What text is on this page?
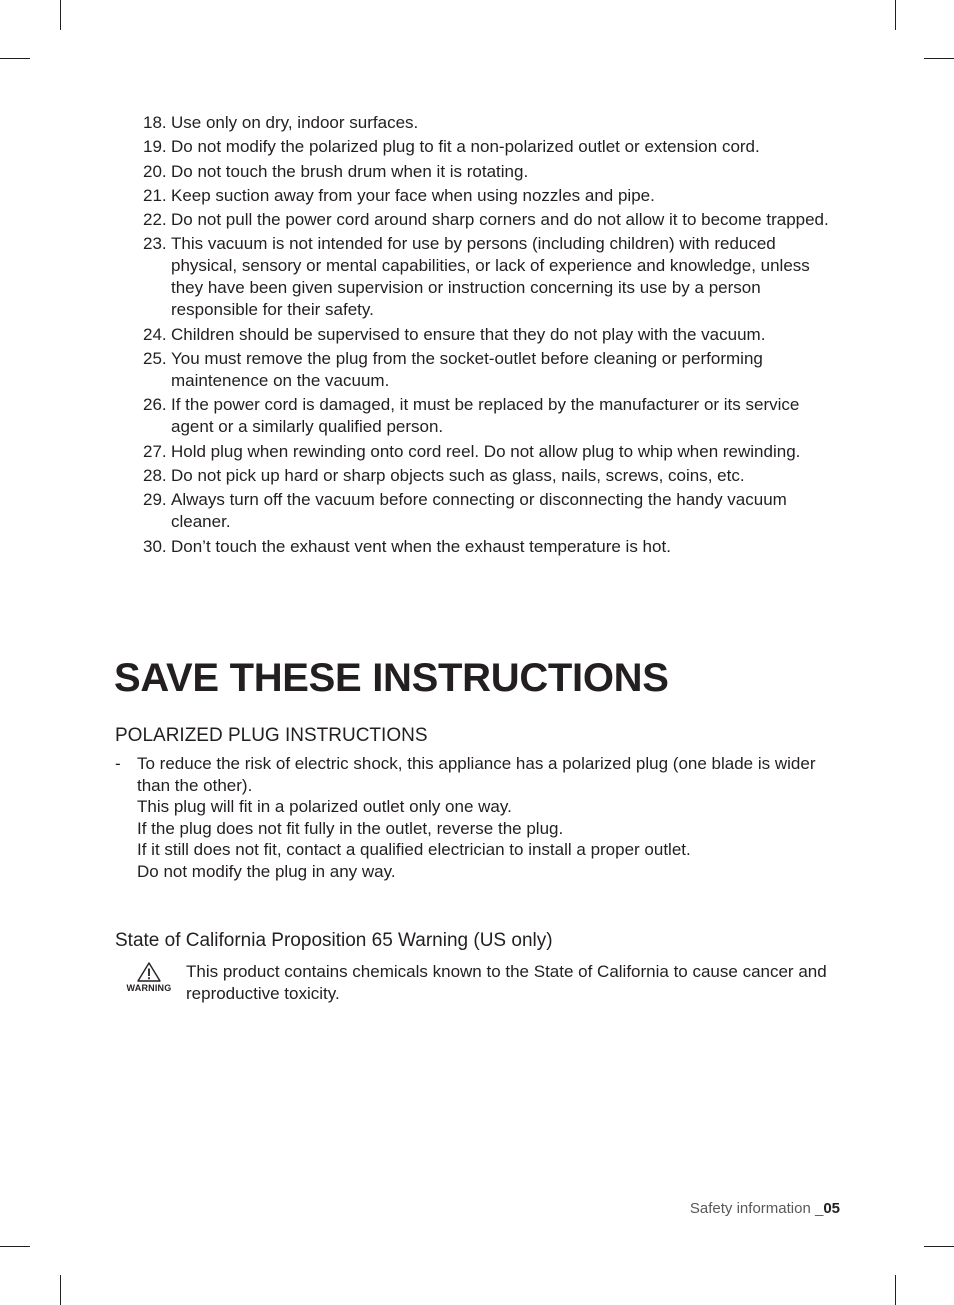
18. Use only on dry, indoor surfaces.
19. Do not modify the polarized plug to fit a non-polarized outlet or extension cord.
20. Do not touch the brush drum when it is rotating.
21. Keep suction away from your face when using nozzles and pipe.
22. Do not pull the power cord around sharp corners and do not allow it to become trapped.
23. This vacuum is not intended for use by persons (including children) with reduced physical, sensory or mental capabilities, or lack of experience and knowledge, unless they have been given supervision or instruction concerning its use by a person responsible for their safety.
24. Children should be supervised to ensure that they do not play with the vacuum.
25. You must remove the plug from the socket-outlet before cleaning or performing maintenence on the vacuum.
26. If the power cord is damaged, it must be replaced by the manufacturer or its service agent or a similarly qualified person.
27. Hold plug when rewinding onto cord reel. Do not allow plug to whip when rewinding.
28. Do not pick up hard or sharp objects such as glass, nails, screws, coins, etc.
29. Always turn off the vacuum before connecting or disconnecting the handy vacuum cleaner.
30. Don’t touch the exhaust vent when the exhaust temperature is hot.
SAVE THESE INSTRUCTIONS
POLARIZED PLUG INSTRUCTIONS
- To reduce the risk of electric shock, this appliance has a polarized plug (one blade is wider than the other).
This plug will fit in a polarized outlet only one way.
If the plug does not fit fully in the outlet, reverse the plug.
If it still does not fit, contact a qualified electrician to install a proper outlet.
Do not modify the plug in any way.
State of California Proposition 65 Warning (US only)
WARNING
This product contains chemicals known to the State of California to cause cancer and reproductive toxicity.
Safety information _05
